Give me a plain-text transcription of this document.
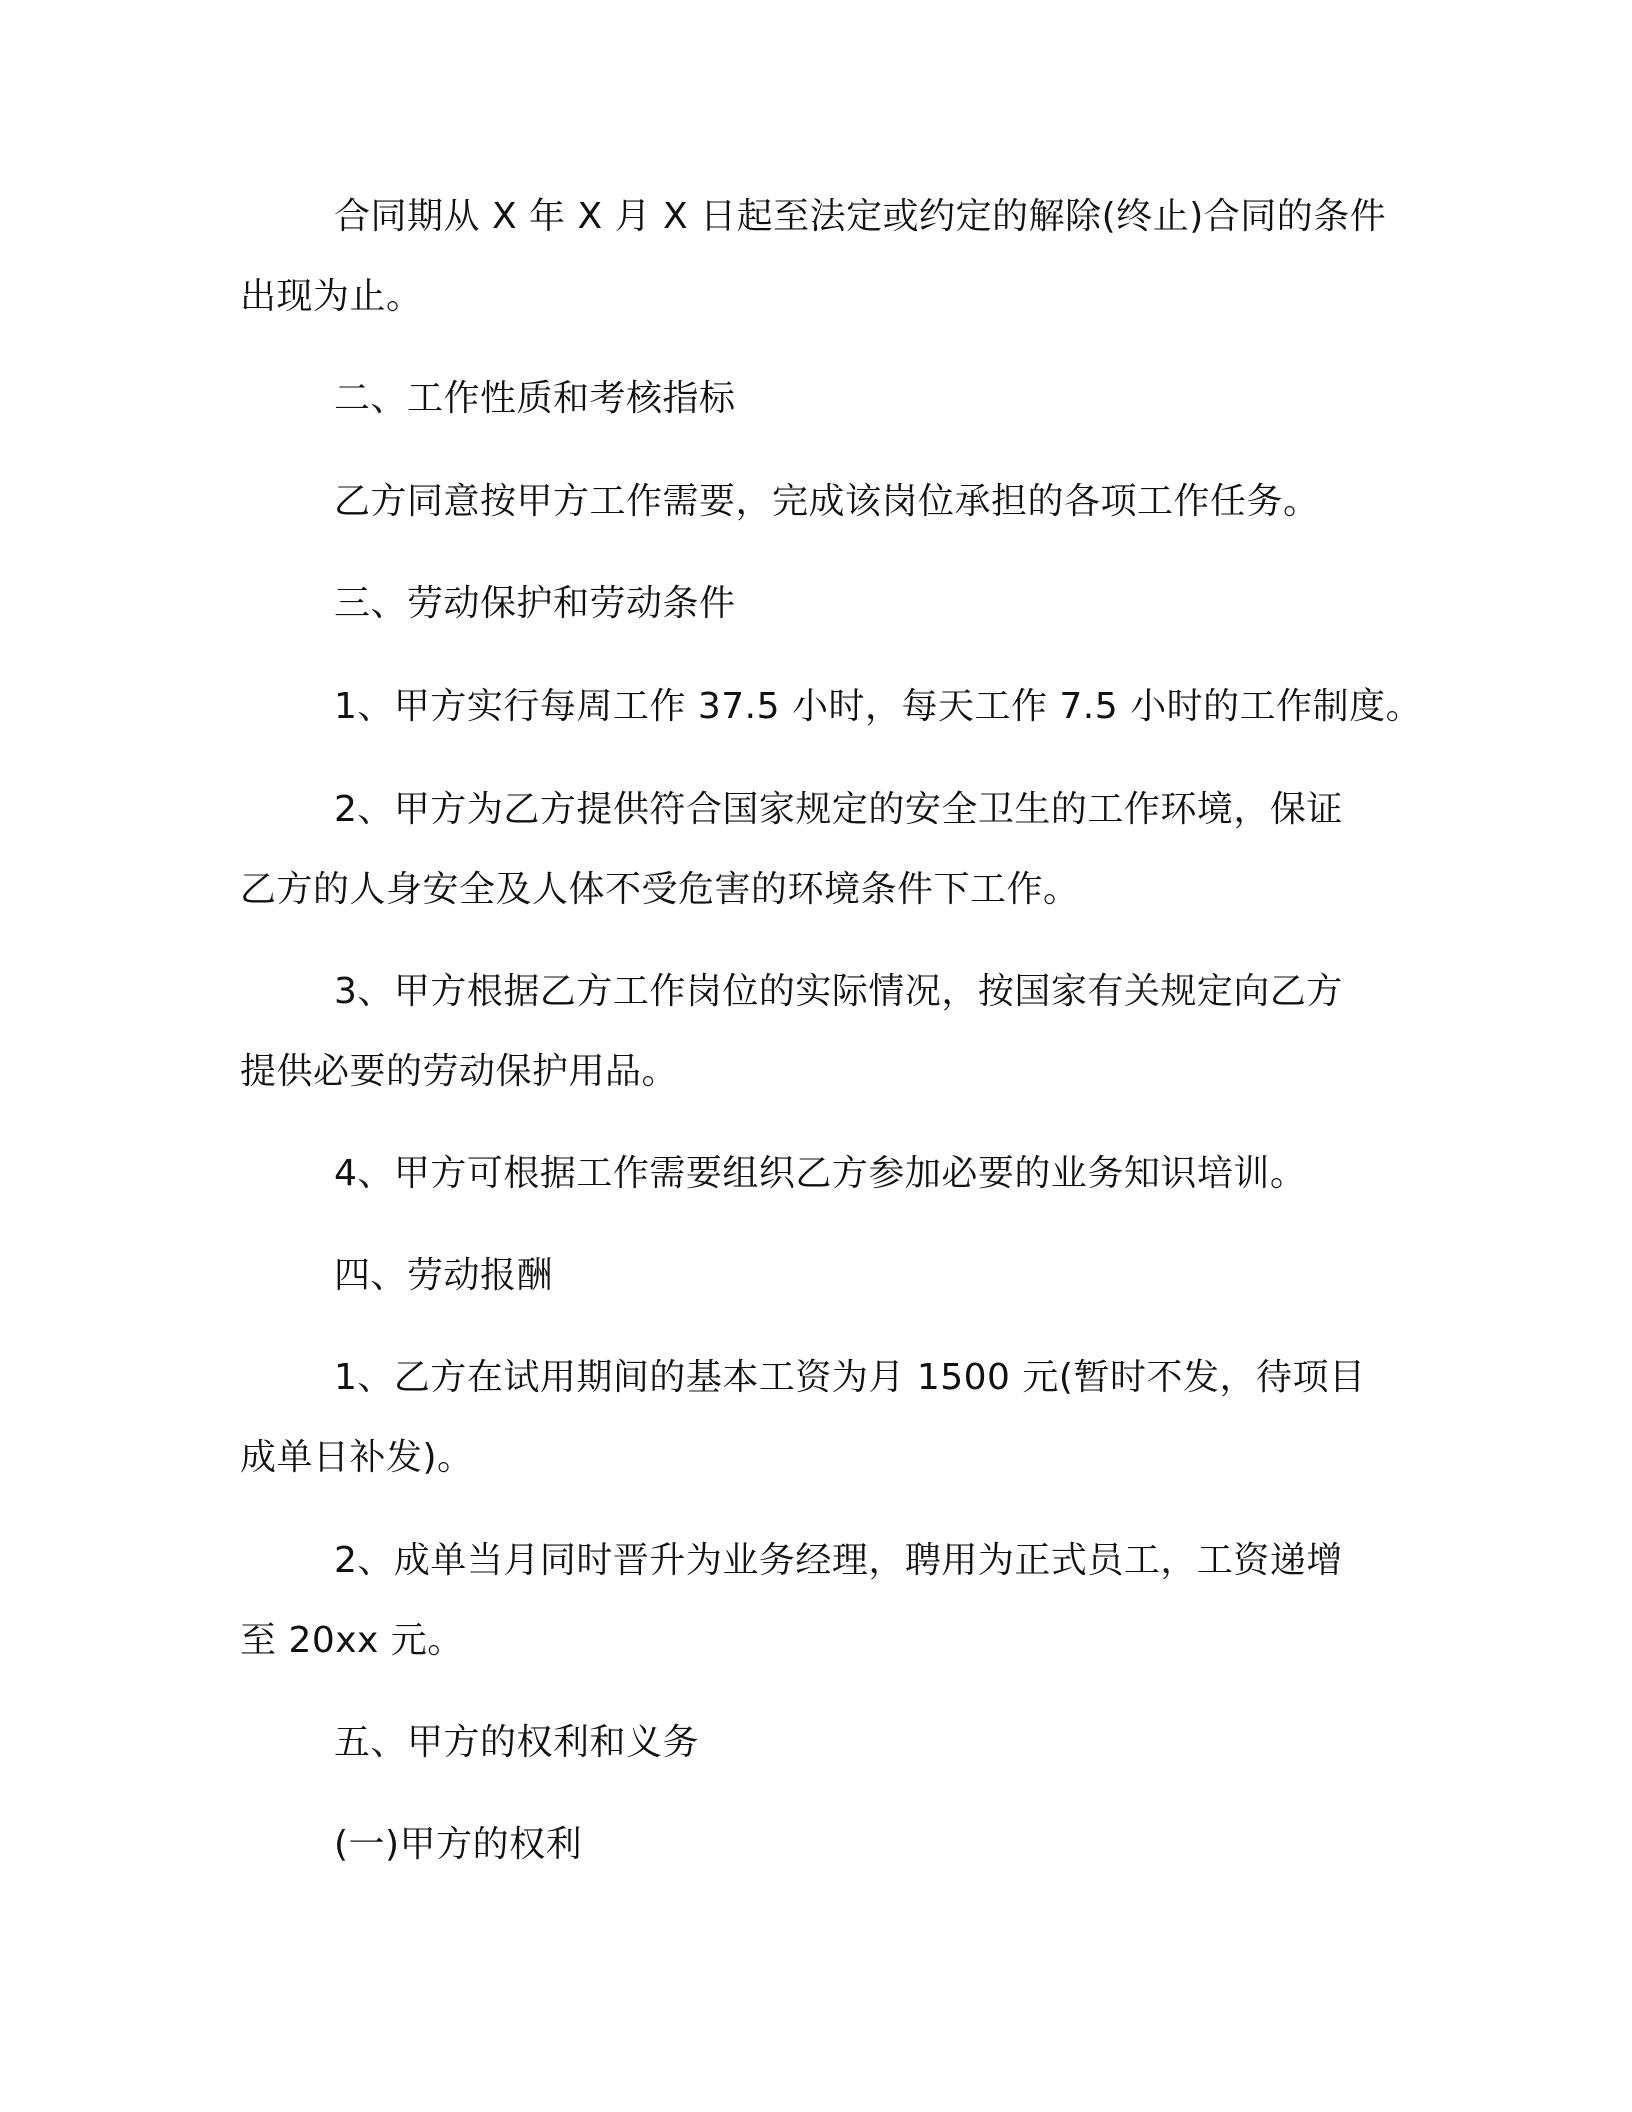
合同期从 X 年 X 月 X 日起至法定或约定的解除(终止)合同的条件
出现为止。
二、工作性质和考核指标
乙方同意按甲方工作需要，完成该岗位承担的各项工作任务。
三、劳动保护和劳动条件
1、甲方实行每周工作 37.5 小时，每天工作 7.5 小时的工作制度。
2、甲方为乙方提供符合国家规定的安全卫生的工作环境，保证
乙方的人身安全及人体不受危害的环境条件下工作。
3、甲方根据乙方工作岗位的实际情况，按国家有关规定向乙方
提供必要的劳动保护用品。
4、甲方可根据工作需要组织乙方参加必要的业务知识培训。
四、劳动报酬
1、乙方在试用期间的基本工资为月 1500 元(暂时不发，待项目
成单日补发)。
2、成单当月同时晋升为业务经理，聘用为正式员工，工资递增
至 20xx 元。
五、甲方的权利和义务
(一)甲方的权利
